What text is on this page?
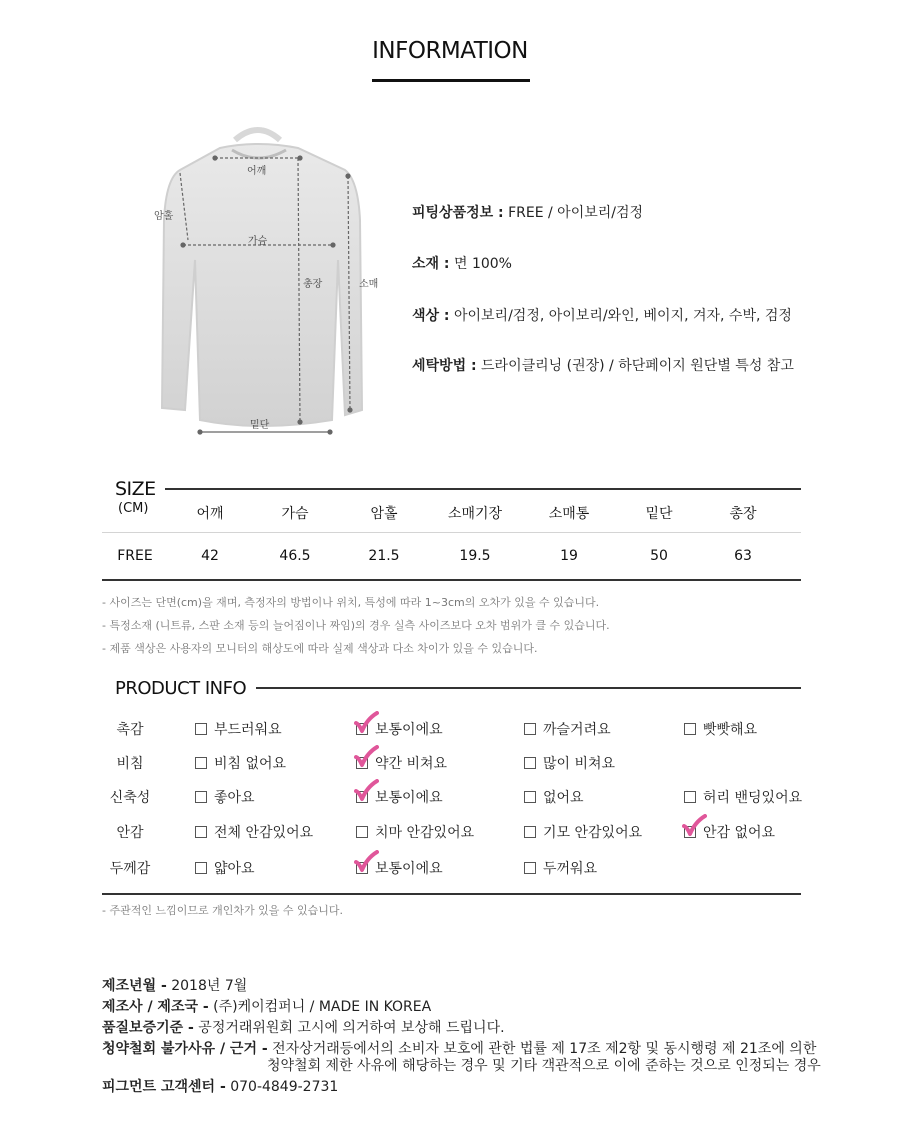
INFORMATION
어깨
암홀
가슴
총장	소매
밑단
피팅상품정보 : FREE / 아이보리/검정
소재 : 면 100%
색상 : 아이보리/검정, 아이보리/와인, 베이지, 겨자, 수박, 검정
세탁방법 : 드라이클리닝 (권장) / 하단페이지 원단별 특성 참고
SIZE
(CM)	어깨	가슴	암홀	소매기장	소매통	밑단	총장
FREE	42	46.5	21.5	19.5	19	50	63
- 사이즈는 단면(cm)을 재며, 측정자의 방법이나 위치, 특성에 따라 1~3cm의 오차가 있을 수 있습니다.
- 특정소재 (니트류, 스판 소재 등의 늘어짐이나 짜임)의 경우 실측 사이즈보다 오차 범위가 클 수 있습니다.
- 제품 색상은 사용자의 모니터의 해상도에 따라 실제 색상과 다소 차이가 있을 수 있습니다.
PRODUCT INFO
촉감	부드러워요	보통이에요	까슬거려요	빳빳해요
비침	비침 없어요	약간 비쳐요	많이 비쳐요
신축성	좋아요	보통이에요	없어요	허리 밴딩있어요
안감	전체 안감있어요	치마 안감있어요	기모 안감있어요	안감 없어요
두께감	얇아요	보통이에요	두꺼워요
- 주관적인 느낌이므로 개인차가 있을 수 있습니다.
제조년월 - 2018년 7월
제조사 / 제조국 - (주)케이컴퍼니 / MADE IN KOREA
품질보증기준 - 공정거래위원회 고시에 의거하여 보상해 드립니다.
청약철회 불가사유 / 근거 - 전자상거래등에서의 소비자 보호에 관한 법률 제 17조 제2항 및 동시행령 제 21조에 의한
청약철회 제한 사유에 해당하는 경우 및 기타 객관적으로 이에 준하는 것으로 인정되는 경우
피그먼트 고객센터 - 070-4849-2731
